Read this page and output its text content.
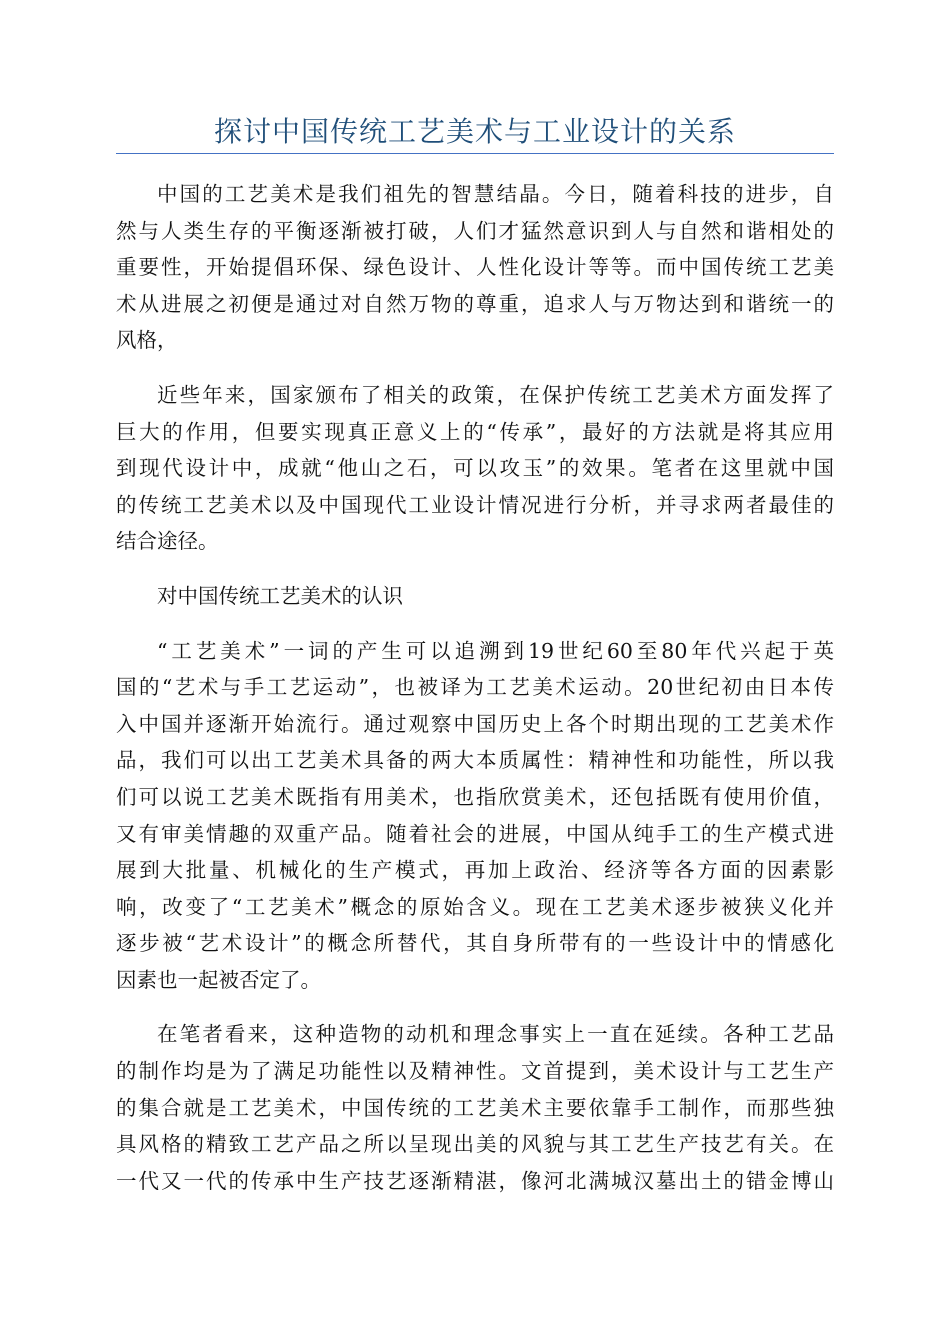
探讨中国传统工艺美术与工业设计的关系
中国的工艺美术是我们祖先的智慧结晶。今日，随着科技的进步，自
然与人类生存的平衡逐渐被打破，人们才猛然意识到人与自然和谐相处的
重要性，开始提倡环保、绿色设计、人性化设计等等。而中国传统工艺美
术从进展之初便是通过对自然万物的尊重，追求人与万物达到和谐统一的
风格，
近些年来，国家颁布了相关的政策，在保护传统工艺美术方面发挥了
巨大的作用，但要实现真正意义上的“传承”，最好的方法就是将其应用
到现代设计中，成就“他山之石，可以攻玉”的效果。笔者在这里就中国
的传统工艺美术以及中国现代工业设计情况进行分析，并寻求两者最佳的
结合途径。
对中国传统工艺美术的认识
“工艺美术”一词的产生可以追溯到19世纪60至80年代兴起于英
国的“艺术与手工艺运动”，也被译为工艺美术运动。20世纪初由日本传
入中国并逐渐开始流行。通过观察中国历史上各个时期出现的工艺美术作
品，我们可以出工艺美术具备的两大本质属性：精神性和功能性，所以我
们可以说工艺美术既指有用美术，也指欣赏美术，还包括既有使用价值，
又有审美情趣的双重产品。随着社会的进展，中国从纯手工的生产模式进
展到大批量、机械化的生产模式，再加上政治、经济等各方面的因素影
响，改变了“工艺美术”概念的原始含义。现在工艺美术逐步被狭义化并
逐步被“艺术设计”的概念所替代，其自身所带有的一些设计中的情感化
因素也一起被否定了。
在笔者看来，这种造物的动机和理念事实上一直在延续。各种工艺品
的制作均是为了满足功能性以及精神性。文首提到，美术设计与工艺生产
的集合就是工艺美术，中国传统的工艺美术主要依靠手工制作，而那些独
具风格的精致工艺产品之所以呈现出美的风貌与其工艺生产技艺有关。在
一代又一代的传承中生产技艺逐渐精湛，像河北满城汉墓出土的错金博山
